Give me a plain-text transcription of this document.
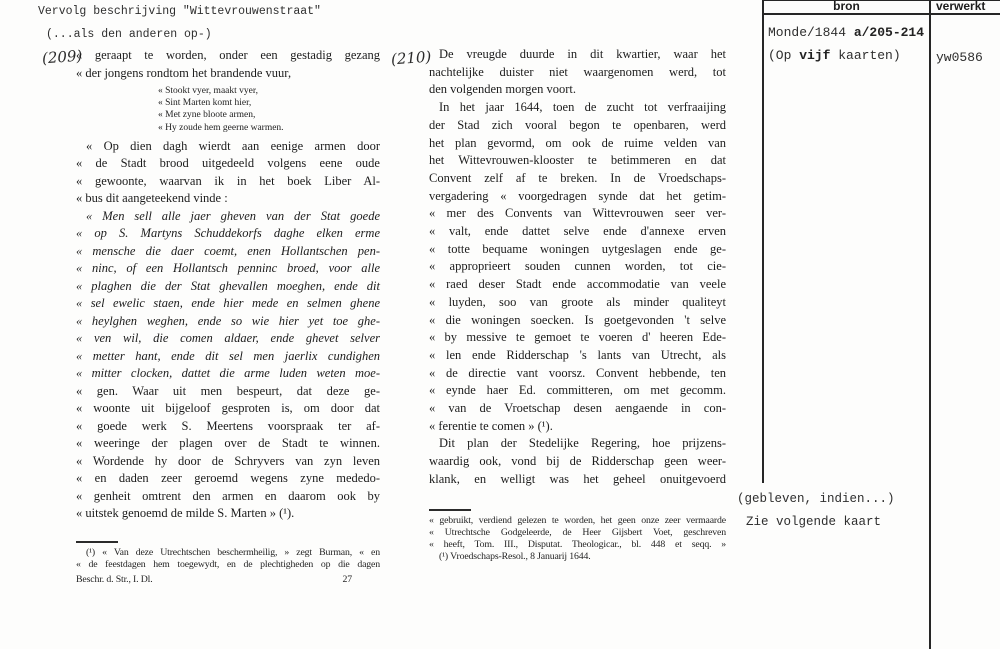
Vervolg beschrijving "Wittevrouwenstraat"
(...als den anderen op-)
(209)	(210)
« geraapt te worden, onder een gestadig gezang
« der jongens rondtom het brandende vuur,
« Stookt vyer, maakt vyer,
« Sint Marten komt hier,
« Met zyne bloote armen,
« Hy zoude hem geerne warmen.
« Op dien dagh wierdt aan eenige armen door
« de Stadt brood uitgedeeld volgens eene oude
« gewoonte, waarvan ik in het boek Liber Al-
« bus dit aangeteekend vinde :
« Men sell alle jaer gheven van der Stat goede
« op S. Martyns Schuddekorfs daghe elken erme
« mensche die daer coemt, enen Hollantschen pen-
« ninc, of een Hollantsch penninc broed, voor alle
« plaghen die der Stat ghevallen moeghen, ende dit
« sel ewelic staen, ende hier mede en selmen ghene
« heylghen weghen, ende so wie hier yet toe ghe-
« ven wil, die comen aldaer, ende ghevet selver
« metter hant, ende dit sel men jaerlix cundighen
« mitter clocken, dattet die arme luden weten moe-
« gen. Waar uit men bespeurt, dat deze ge-
« woonte uit bijgeloof gesproten is, om door dat
« goede werk S. Meertens voorspraak ter af-
« weeringe der plagen over de Stadt te winnen.
« Wordende hy door de Schryvers van zyn leven
« en daden zeer geroemd wegens zyne mededo-
« genheit omtrent den armen en daarom ook by
« uitstek genoemd de milde S. Marten » (¹).
(¹) « Van deze Utrechtschen beschermheilig, » zegt Burman, « en
« de feestdagen hem toegewydt, en de plechtigheden op die dagen
Beschr. d. Str., I. Dl.	27
De vreugde duurde in dit kwartier, waar het
nachtelijke duister niet waargenomen werd, tot
den volgenden morgen voort.
In het jaar 1644, toen de zucht tot verfraaijing
der Stad zich vooral begon te openbaren, werd
het plan gevormd, om ook de ruime velden van
het Wittevrouwen-klooster te betimmeren en dat
Convent zelf af te breken. In de Vroedschaps-
vergadering « voorgedragen synde dat het getim-
« mer des Convents van Wittevrouwen seer ver-
« valt, ende dattet selve ende d'annexe erven
« totte bequame woningen uytgeslagen ende ge-
« approprieert souden cunnen worden, tot cie-
« raed deser Stadt ende accommodatie van veele
« luyden, soo van groote als minder qualiteyt
« die woningen soecken. Is goetgevonden 't selve
« by messive te gemoet te voeren d' heeren Ede-
« len ende Ridderschap 's lants van Utrecht, als
« de directie vant voorsz. Convent hebbende, ten
« eynde haer Ed. committeren, om met gecomm.
« van de Vroetschap desen aengaende in con-
« ferentie te comen » (¹).
Dit plan der Stedelijke Regering, hoe prijzens-
waardig ook, vond bij de Ridderschap geen weer-
klank, en welligt was het geheel onuitgevoerd
« gebruikt, verdiend gelezen te worden, het geen onze zeer vermaarde
« Utrechtsche Godgeleerde, de Heer Gijsbert Voet, geschreven
« heeft, Tom. III., Disputat. Theologicar., bl. 448 et seqq. »
(¹) Vroedschaps-Resol., 8 Januarij 1644.
bron	verwerkt
Monde/1844 a/205-214
(Op vijf kaarten)	yw0586
(gebleven, indien...)
Zie volgende kaart
